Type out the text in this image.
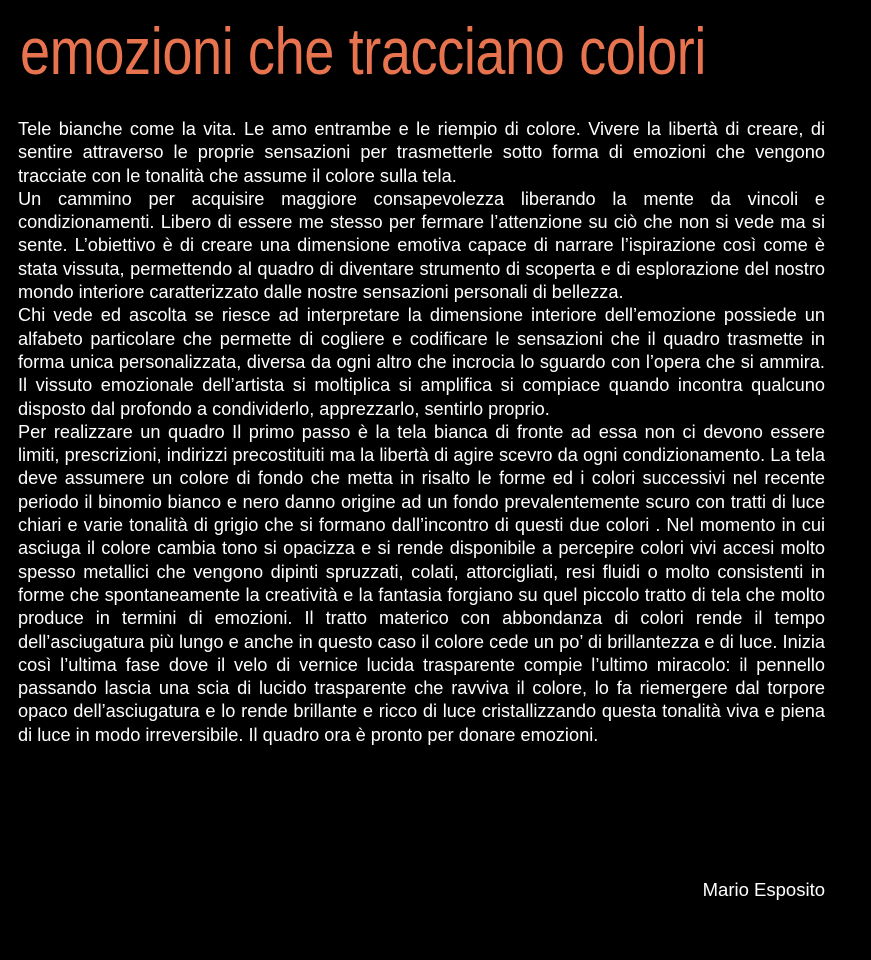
emozioni che tracciano colori

Tele bianche come la vita. Le amo entrambe e le riempio di colore. Vivere la libertà di creare, di sentire attraverso le proprie sensazioni per trasmetterle sotto forma di emozioni che vengono tracciate con le tonalità che assume il colore sulla tela.

Un cammino per acquisire maggiore consapevolezza liberando la mente da vincoli e condizionamenti. Libero di essere me stesso per fermare l’attenzione su ciò che non si vede ma si sente. L’obiettivo è di creare una dimensione emotiva capace di narrare l’ispirazione così come è stata vissuta, permettendo al quadro di diventare strumento di scoperta e di esplorazione del nostro mondo interiore caratterizzato dalle nostre sensazioni personali di bellezza.

Chi vede ed ascolta se riesce ad interpretare la dimensione interiore dell’emozione possiede un alfabeto particolare che permette di cogliere e codificare le sensazioni che il quadro trasmette in forma unica personalizzata, diversa da ogni altro che incrocia lo sguardo con l’opera che si ammira. Il vissuto emozionale dell’artista si moltiplica si amplifica si compiace quando incontra qualcuno disposto dal profondo a condividerlo, apprezzarlo, sentirlo proprio.

Per realizzare un quadro Il primo passo è la tela bianca di fronte ad essa non ci devono essere limiti, prescrizioni, indirizzi precostituiti ma la libertà di agire scevro da ogni condizionamento. La tela deve assumere un colore di fondo che metta in risalto le forme ed i colori successivi nel recente periodo il binomio bianco e nero danno origine ad un fondo prevalentemente scuro con tratti di luce chiari e varie tonalità di grigio che si formano dall’incontro di questi due colori . Nel momento in cui asciuga il colore cambia tono si opacizza e si rende disponibile a percepire colori vivi accesi molto spesso metallici che vengono dipinti spruzzati, colati, attorcigliati, resi fluidi o molto consistenti in forme che spontaneamente la creatività e la fantasia forgiano su quel piccolo tratto di tela che molto produce in termini di emozioni. Il tratto materico con abbondanza di colori rende il tempo dell’asciugatura più lungo e anche in questo caso il colore cede un po’ di brillantezza e di luce. Inizia così l’ultima fase dove il velo di vernice lucida trasparente compie l’ultimo miracolo: il pennello passando lascia una scia di lucido trasparente che ravviva il colore, lo fa riemergere dal torpore opaco dell’asciugatura e lo rende brillante e ricco di luce cristallizzando questa tonalità viva e piena di luce in modo irreversibile. Il quadro ora è pronto per donare emozioni.

Mario Esposito
